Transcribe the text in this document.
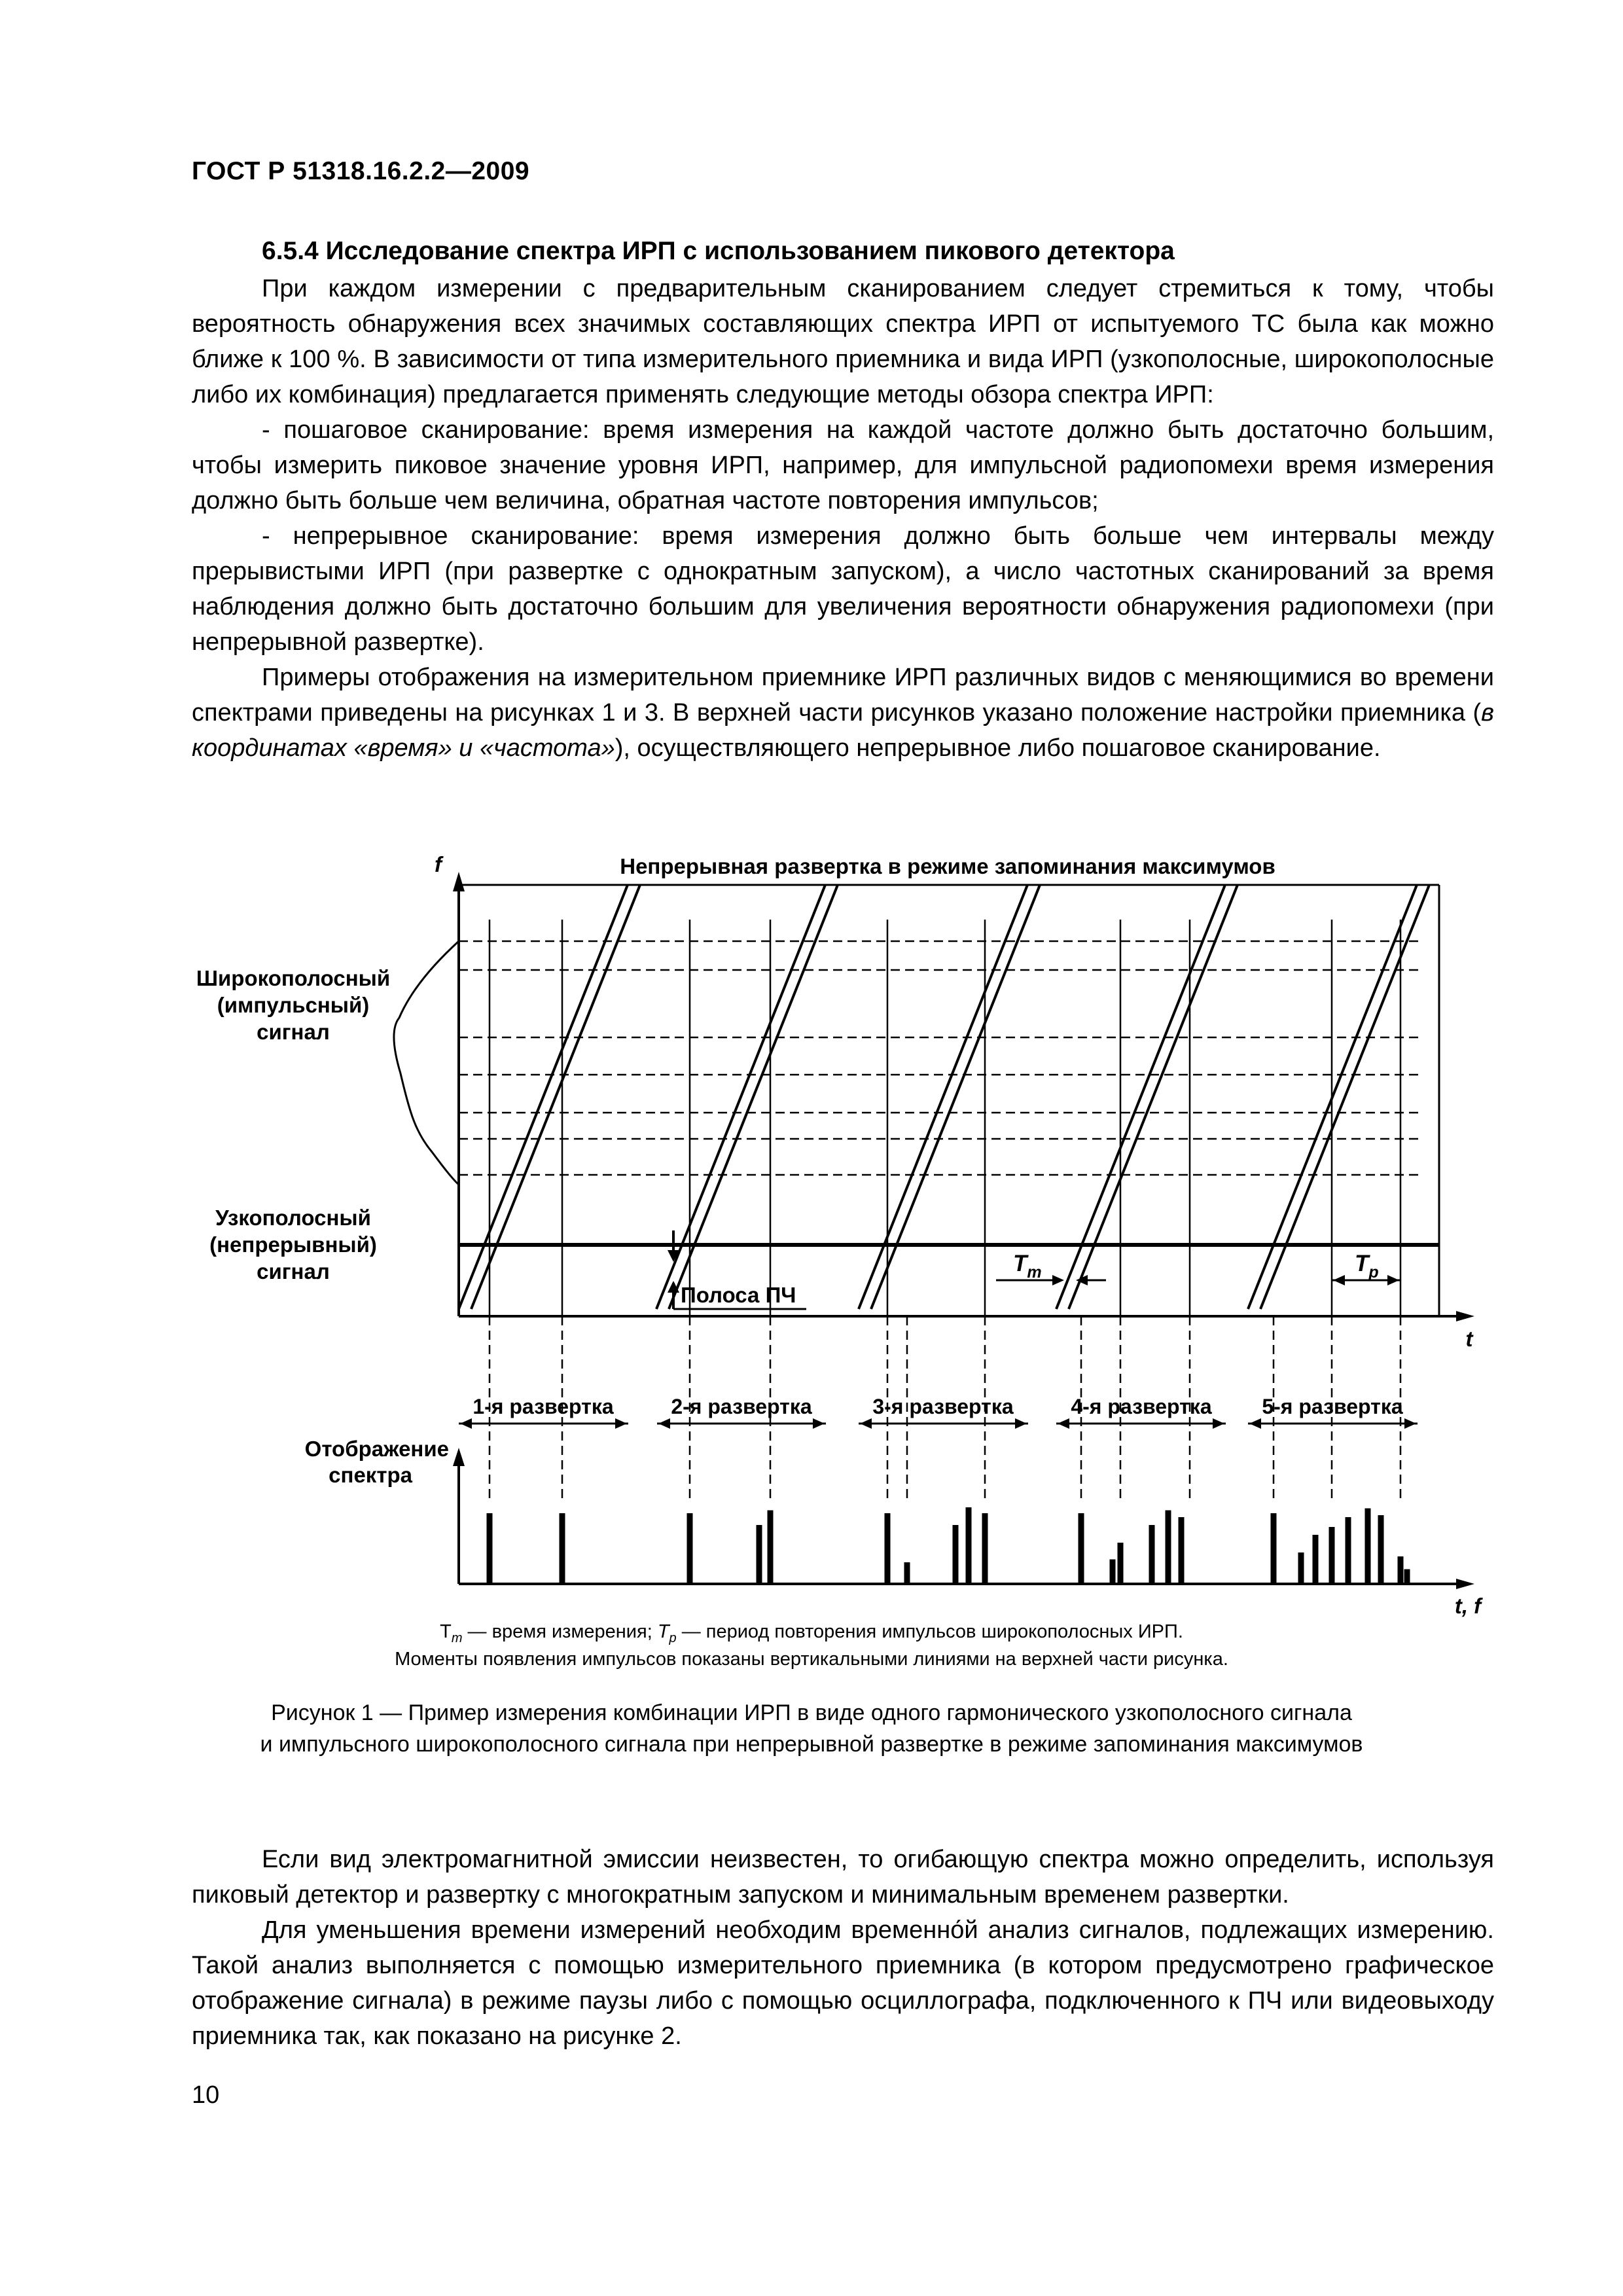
ГОСТ Р 51318.16.2.2—2009
6.5.4 Исследование спектра ИРП с использованием пикового детектора

При каждом измерении с предварительным сканированием следует стремиться к тому, чтобы вероятность обнаружения всех значимых составляющих спектра ИРП от испытуемого ТС была как можно ближе к 100 %. В зависимости от типа измерительного приемника и вида ИРП (узкополосные, широкополосные либо их комбинация) предлагается применять следующие методы обзора спектра ИРП:

- пошаговое сканирование: время измерения на каждой частоте должно быть достаточно большим, чтобы измерить пиковое значение уровня ИРП, например, для импульсной радиопомехи время измерения должно быть больше чем величина, обратная частоте повторения импульсов;

- непрерывное сканирование: время измерения должно быть больше чем интервалы между прерывистыми ИРП (при развертке с однократным запуском), а число частотных сканирований за время наблюдения должно быть достаточно большим для увеличения вероятности обнаружения радиопомехи (при непрерывной развертке).

Примеры отображения на измерительном приемнике ИРП различных видов с меняющимися во времени спектрами приведены на рисунках 1 и 3. В верхней части рисунков указано положение настройки приемника (в координатах «время» и «частота»), осуществляющего непрерывное либо пошаговое сканирование.

f	Непрерывная развертка в режиме запоминания максимумов
t
t, f
Широкополосный
(импульсный)
сигнал
Узкополосный
(непрерывный)
сигнал
Полоса ПЧ
$T_m$	$T_p$
1-я развертка	2-я развертка	3-я развертка	4-я развертка 5-я развертка
Отображение
спектра
$T_m$ — время измерения; $T_p$ — период повторения импульсов широкополосных ИРП.
Моменты появления импульсов показаны вертикальными линиями на верхней части рисунка.
Рисунок 1 — Пример измерения комбинации ИРП в виде одного гармонического узкополосного сигнала
и импульсного широкополосного сигнала при непрерывной развертке в режиме запоминания максимумов

Если вид электромагнитной эмиссии неизвестен, то огибающую спектра можно определить, используя пиковый детектор и развертку с многократным запуском и минимальным временем развертки.

Для уменьшения времени измерений необходим временно́й анализ сигналов, подлежащих измерению. Такой анализ выполняется с помощью измерительного приемника (в котором предусмотрено графическое отображение сигнала) в режиме паузы либо с помощью осциллографа, подключенного к ПЧ или видеовыходу приемника так, как показано на рисунке 2.

10
